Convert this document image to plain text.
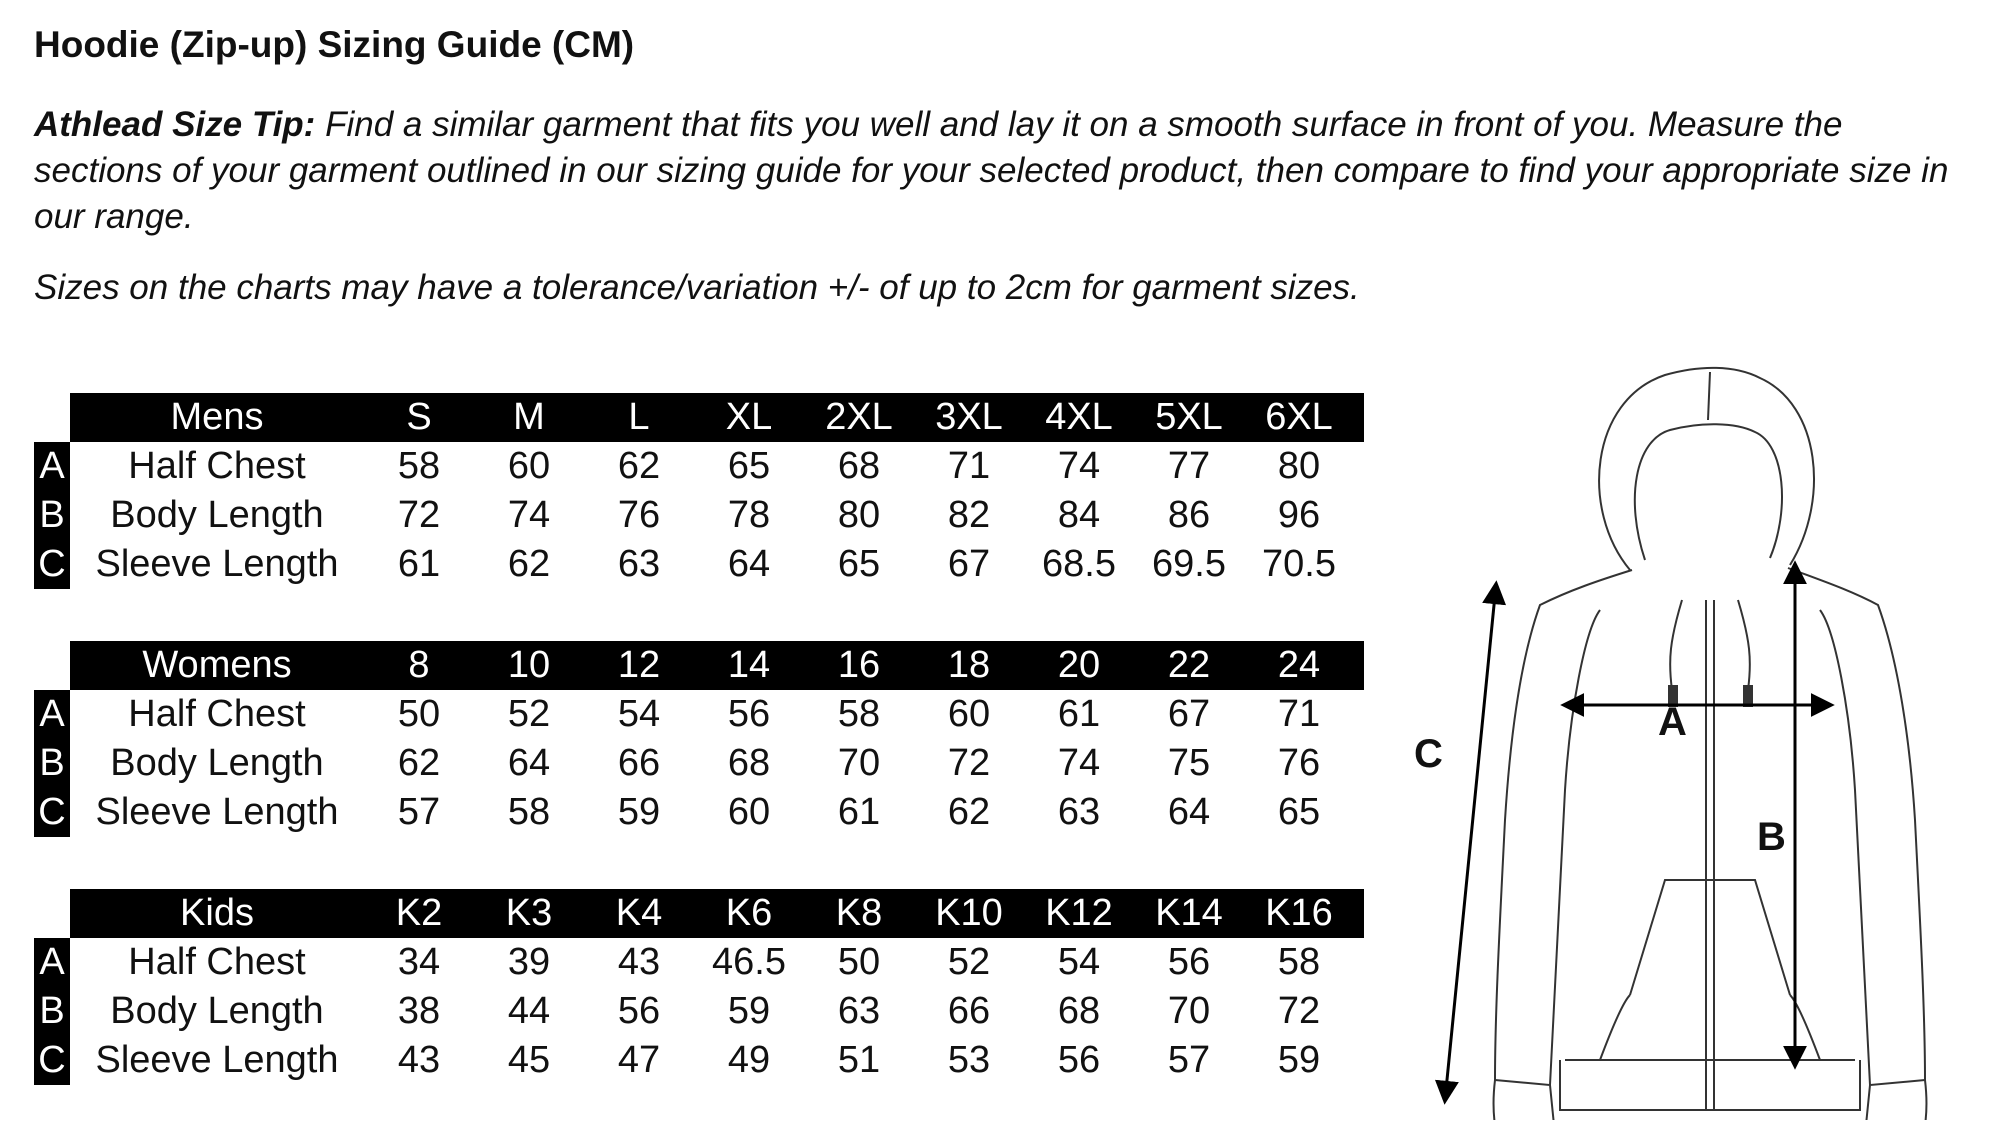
Hoodie (Zip-up) Sizing Guide (CM)
Athlead Size Tip: Find a similar garment that fits you well and lay it on a smooth surface in front of you. Measure the sections of your garment outlined in our sizing guide for your selected product, then compare to find your appropriate size in our range.
Sizes on the charts may have a tolerance/variation +/- of up to 2cm for garment sizes.
Mens	S	M	L	XL	2XL	3XL	4XL	5XL	6XL
A	Half Chest	58	60	62	65	68	71	74	77	80
B	Body Length	72	74	76	78	80	82	84	86	96
C Sleeve Length	61	62	63	64	65	67	68.5 69.5 70.5
Womens	8	10	12	14	16	18	20	22	24
A	Half Chest	50	52	54	56	58	60	61	67	71
B	Body Length	62	64	66	68	70	72	74	75	76
C Sleeve Length	57	58	59	60	61	62	63	64	65
Kids	K2	K3	K4	K6	K8	K10	K12	K14	K16
A	Half Chest	34	39	43	46.5	50	52	54	56	58
B	Body Length	38	44	56	59	63	66	68	70	72
C Sleeve Length	43	45	47	49	51	53	56	57	59
A
B
C
